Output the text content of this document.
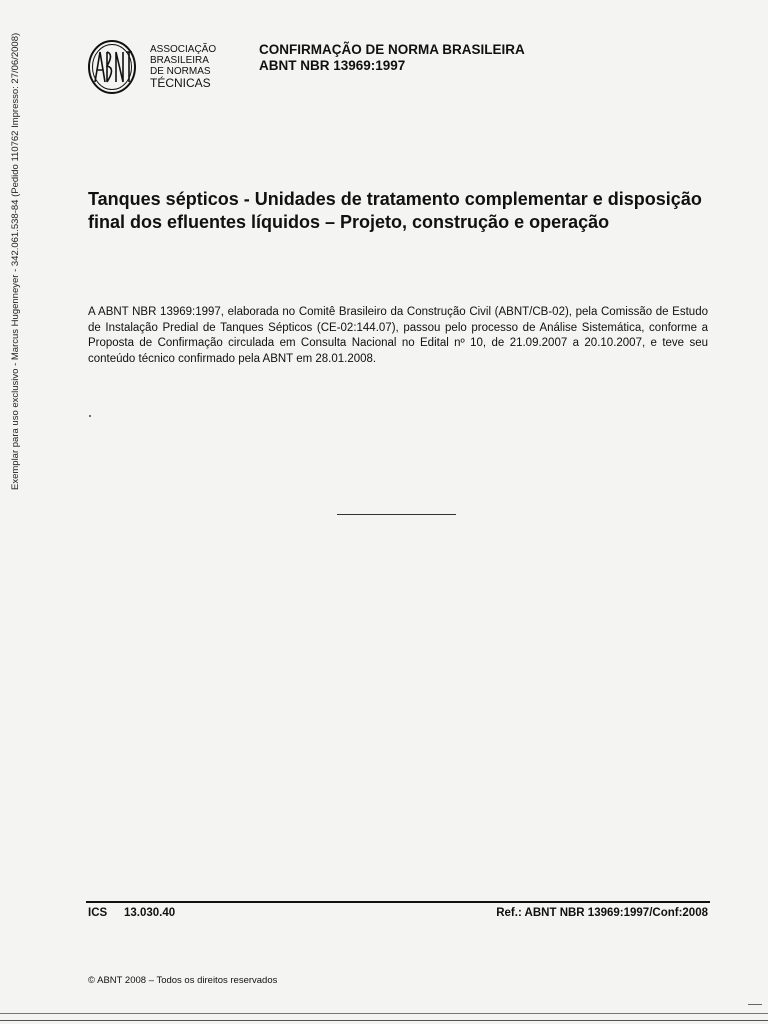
Exemplar para uso exclusivo - Marcus Hugenneyer - 342.061.538-84 (Pedido 110762 Impresso: 27/06/2008)	ASSOCIAÇÃO
BRASILEIRA
DE NORMAS
TÉCNICAS
CONFIRMAÇÃO DE NORMA BRASILEIRA
ABNT NBR 13969:1997
Tanques sépticos - Unidades de tratamento complementar e disposição final dos efluentes líquidos – Projeto, construção e operação

A ABNT NBR 13969:1997, elaborada no Comitê Brasileiro da Construção Civil (ABNT/CB-02), pela Comissão de Estudo de Instalação Predial de Tanques Sépticos (CE-02:144.07), passou pelo processo de Análise Sistemática, conforme a Proposta de Confirmação circulada em Consulta Nacional no Edital nº 10, de 21.09.2007 a 20.10.2007, e teve seu conteúdo técnico confirmado pela ABNT em 28.01.2008.

ICS 13.030.40	Ref.: ABNT NBR 13969:1997/Conf:2008
© ABNT 2008 – Todos os direitos reservados
